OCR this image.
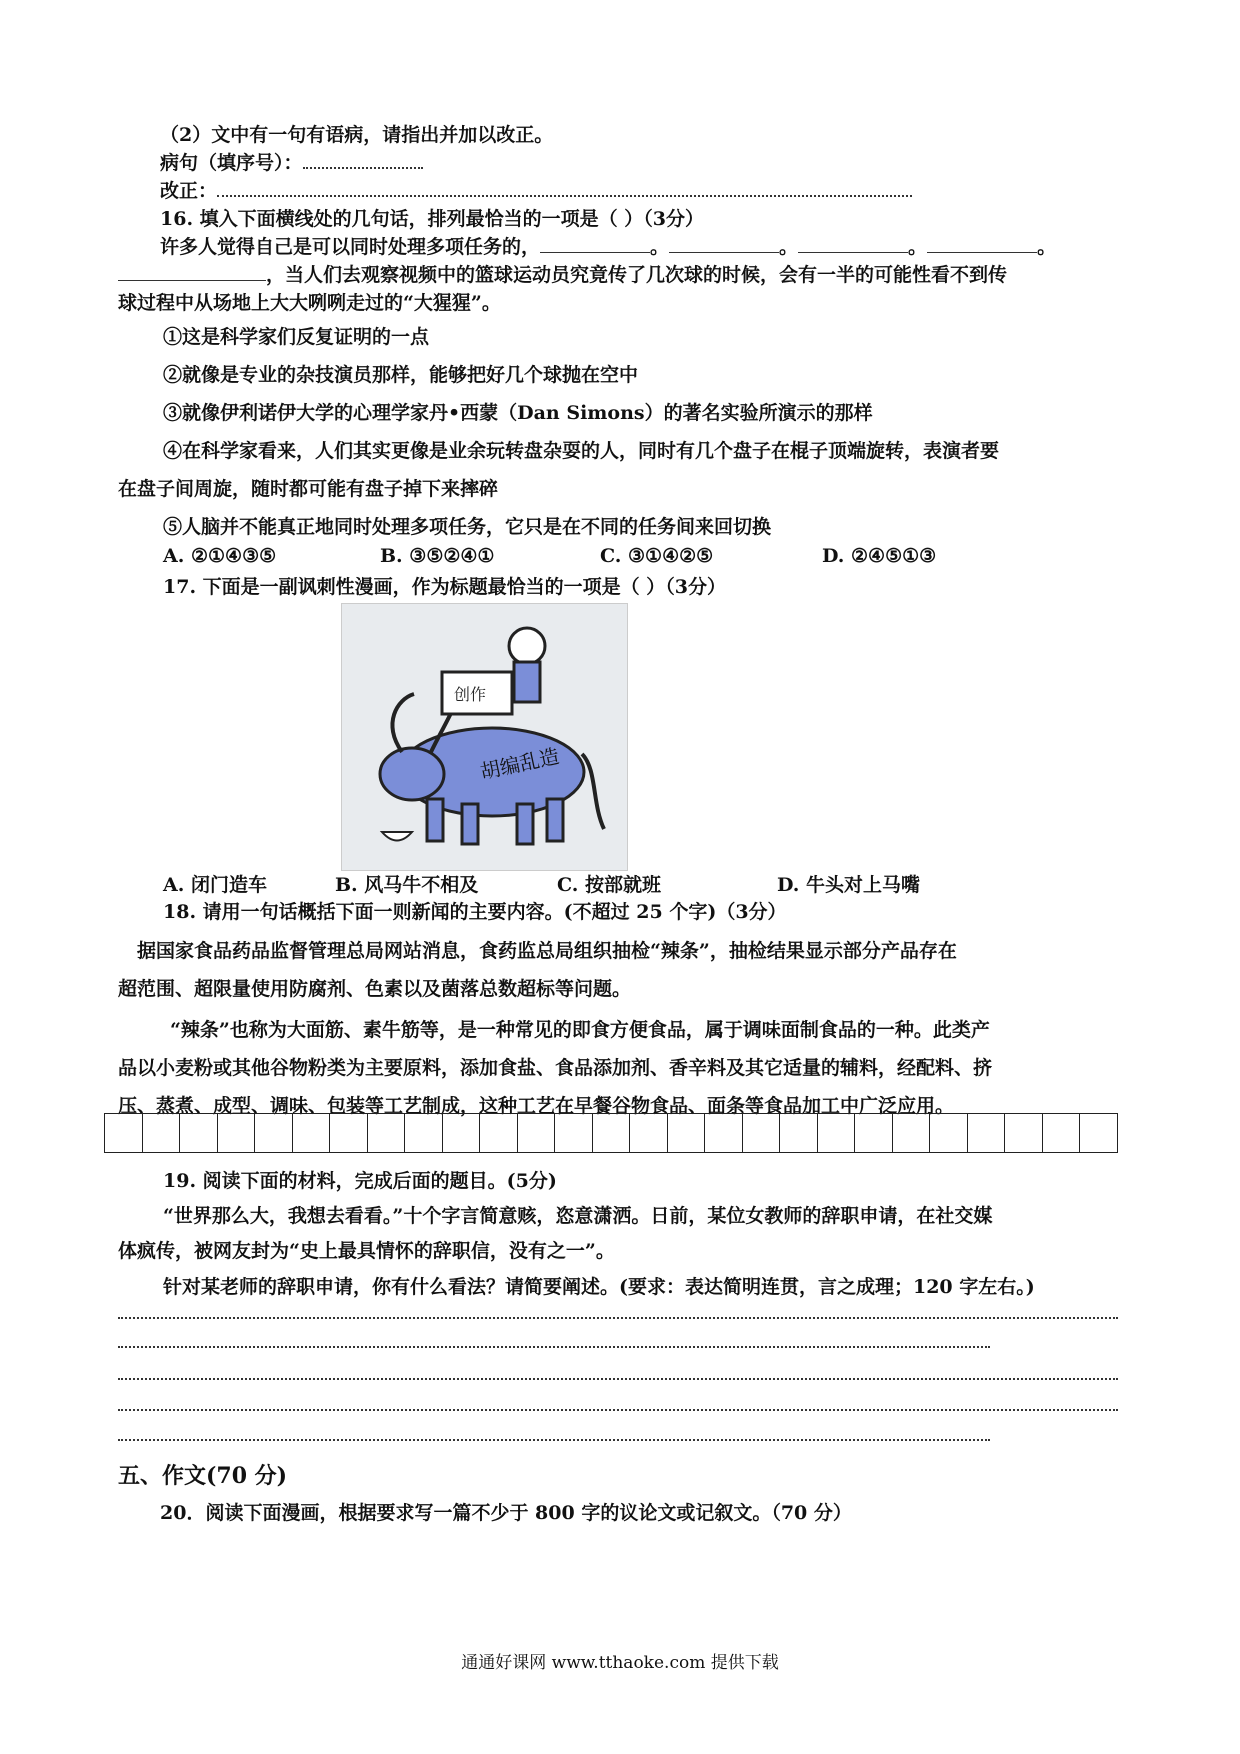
（2）文中有一句有语病，请指出并加以改正。
病句（填序号）：
改正：
16. 填入下面横线处的几句话，排列最恰当的一项是（ ）（3分）
许多人觉得自己是可以同时处理多项任务的，	。	。	。	。
，当人们去观察视频中的篮球运动员究竟传了几次球的时候，会有一半的可能性看不到传
球过程中从场地上大大咧咧走过的“大猩猩”。
①这是科学家们反复证明的一点
②就像是专业的杂技演员那样，能够把好几个球抛在空中
③就像伊利诺伊大学的心理学家丹•西蒙（Dan Simons）的著名实验所演示的那样
④在科学家看来，人们其实更像是业余玩转盘杂耍的人，同时有几个盘子在棍子顶端旋转，表演者要
在盘子间周旋，随时都可能有盘子掉下来摔碎
⑤人脑并不能真正地同时处理多项任务，它只是在不同的任务间来回切换
A. ②①④③⑤	B. ③⑤②④①	C. ③①④②⑤	D. ②④⑤①③
17. 下面是一副讽刺性漫画，作为标题最恰当的一项是（ ）（3分）
创作
胡编乱造
A. 闭门造车	B. 风马牛不相及	C. 按部就班	D. 牛头对上马嘴
18. 请用一句话概括下面一则新闻的主要内容。(不超过 25 个字)（3分）
据国家食品药品监督管理总局网站消息，食药监总局组织抽检“辣条”，抽检结果显示部分产品存在
超范围、超限量使用防腐剂、色素以及菌落总数超标等问题。
“辣条”也称为大面筋、素牛筋等，是一种常见的即食方便食品，属于调味面制食品的一种。此类产
品以小麦粉或其他谷物粉类为主要原料，添加食盐、食品添加剂、香辛料及其它适量的辅料，经配料、挤
压、蒸煮、成型、调味、包装等工艺制成，这种工艺在早餐谷物食品、面条等食品加工中广泛应用。
19. 阅读下面的材料，完成后面的题目。(5分)
“世界那么大，我想去看看。”十个字言简意赅，恣意潇洒。日前，某位女教师的辞职申请，在社交媒
体疯传，被网友封为“史上最具情怀的辞职信，没有之一”。
针对某老师的辞职申请，你有什么看法？请简要阐述。(要求：表达简明连贯，言之成理；120 字左右。)
五、作文(70 分)
20．阅读下面漫画，根据要求写一篇不少于 800 字的议论文或记叙文。（70 分）
通通好课网 www.tthaoke.com 提供下载
